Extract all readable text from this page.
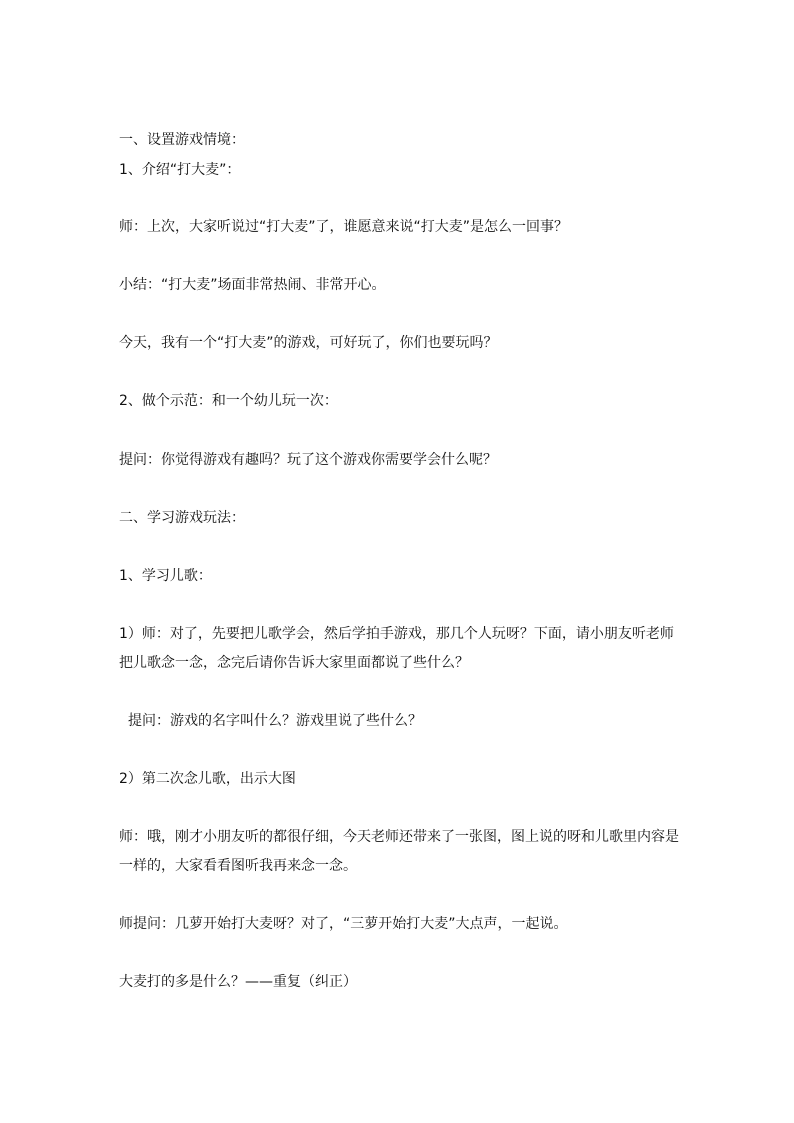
一、设置游戏情境：
1、介绍“打大麦”：
师：上次，大家听说过“打大麦”了，谁愿意来说“打大麦”是怎么一回事？
小结：“打大麦”场面非常热闹、非常开心。
今天，我有一个“打大麦”的游戏，可好玩了，你们也要玩吗？
2、做个示范：和一个幼儿玩一次：
提问：你觉得游戏有趣吗？玩了这个游戏你需要学会什么呢？
二、学习游戏玩法：
1、学习儿歌：
1）师：对了，先要把儿歌学会，然后学拍手游戏，那几个人玩呀？下面，请小朋友听老师
把儿歌念一念，念完后请你告诉大家里面都说了些什么？
提问：游戏的名字叫什么？游戏里说了些什么？
2）第二次念儿歌，出示大图
师：哦，刚才小朋友听的都很仔细，今天老师还带来了一张图，图上说的呀和儿歌里内容是
一样的，大家看看图听我再来念一念。
师提问：几萝开始打大麦呀？对了，“三萝开始打大麦”大点声，一起说。
大麦打的多是什么？——重复（纠正）
